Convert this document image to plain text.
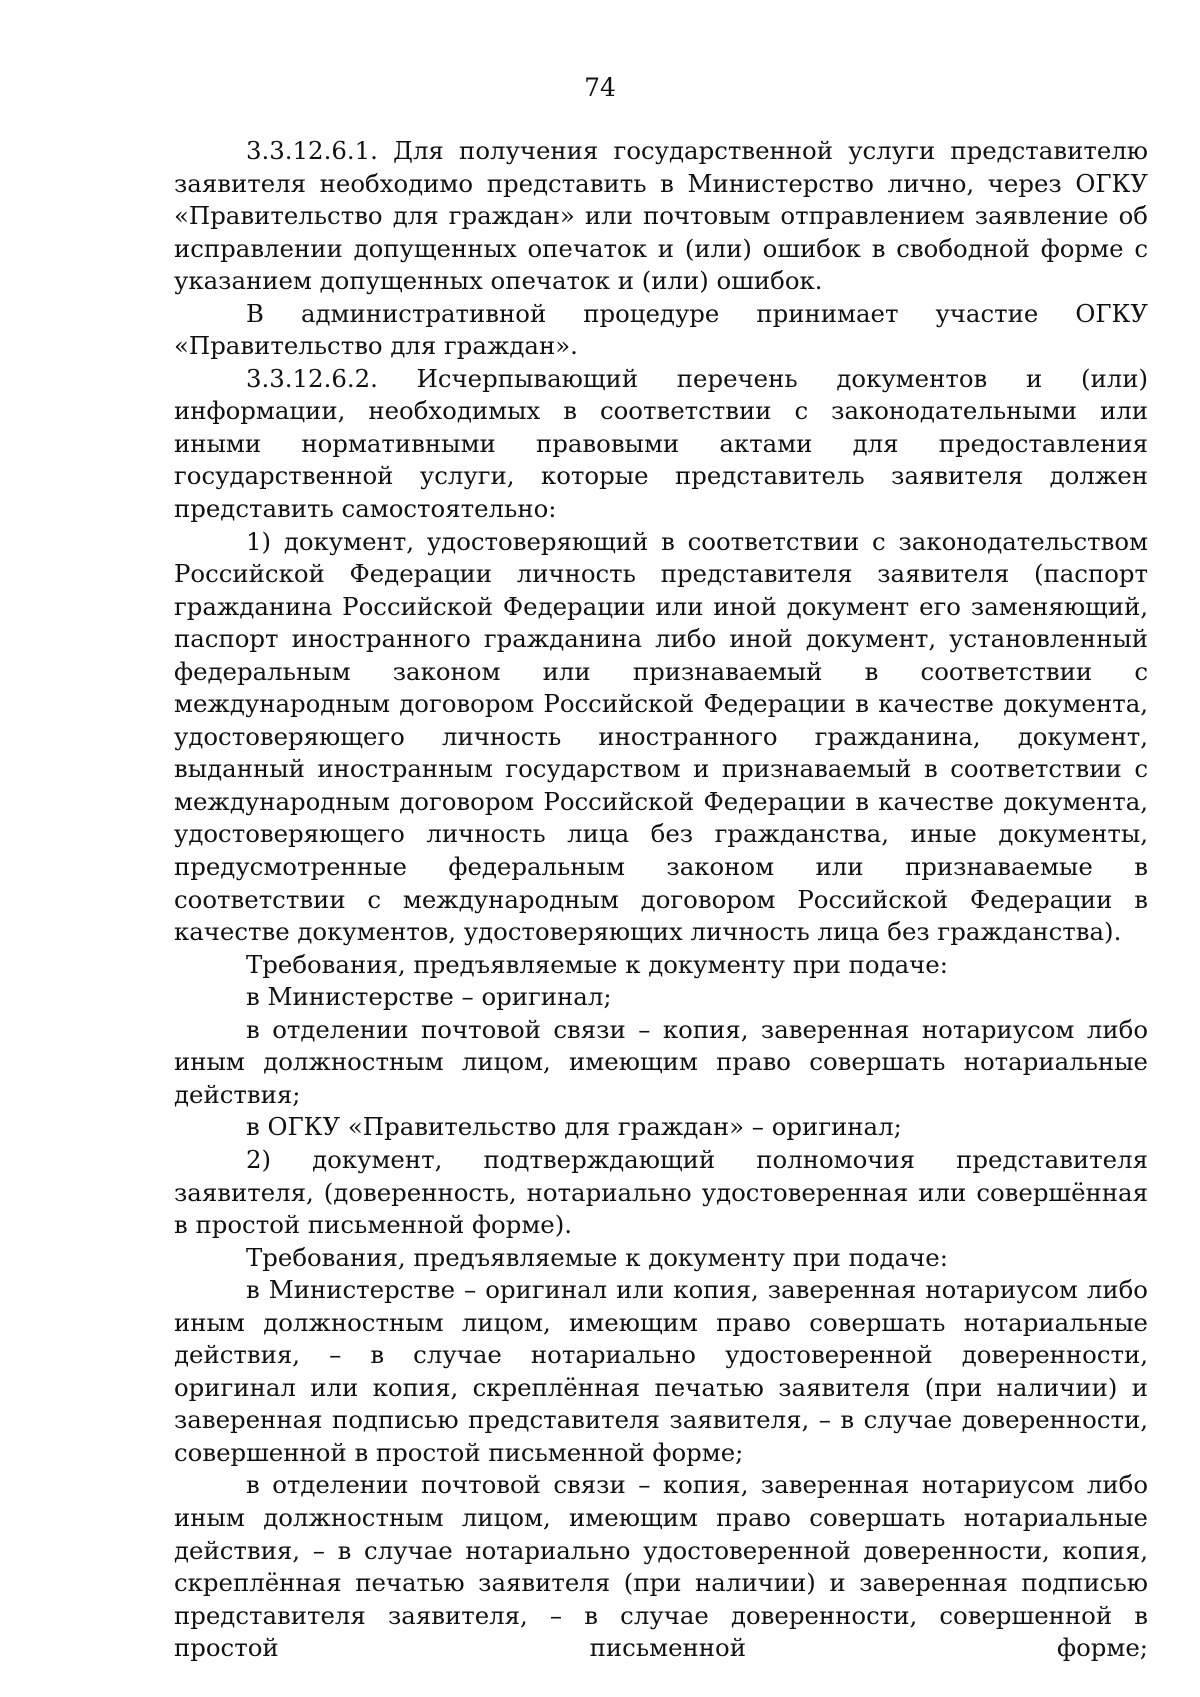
74

3.3.12.6.1. Для получения государственной услуги представителю заявителя необходимо представить в Министерство лично, через ОГКУ «Правительство для граждан» или почтовым отправлением заявление об исправлении допущенных опечаток и (или) ошибок в свободной форме с указанием допущенных опечаток и (или) ошибок.

В административной процедуре принимает участие ОГКУ «Правительство для граждан».

3.3.12.6.2. Исчерпывающий перечень документов и (или) информации, необходимых в соответствии с законодательными или иными нормативными правовыми актами для предоставления государственной услуги, которые представитель заявителя должен представить самостоятельно:

1) документ, удостоверяющий в соответствии с законодательством Российской Федерации личность представителя заявителя (паспорт гражданина Российской Федерации или иной документ его заменяющий, паспорт иностранного гражданина либо иной документ, установленный федеральным законом или признаваемый в соответствии с международным договором Российской Федерации в качестве документа, удостоверяющего личность иностранного гражданина, документ, выданный иностранным государством и признаваемый в соответствии с международным договором Российской Федерации в качестве документа, удостоверяющего личность лица без гражданства, иные документы, предусмотренные федеральным законом или признаваемые в соответствии с международным договором Российской Федерации в качестве документов, удостоверяющих личность лица без гражданства).

Требования, предъявляемые к документу при подаче:

в Министерстве – оригинал;

в отделении почтовой связи – копия, заверенная нотариусом либо иным должностным лицом, имеющим право совершать нотариальные действия;

в ОГКУ «Правительство для граждан» – оригинал;

2) документ, подтверждающий полномочия представителя заявителя, (доверенность, нотариально удостоверенная или совершённая в простой письменной форме).

Требования, предъявляемые к документу при подаче:

в Министерстве – оригинал или копия, заверенная нотариусом либо иным должностным лицом, имеющим право совершать нотариальные действия, – в случае нотариально удостоверенной доверенности, оригинал или копия, скреплённая печатью заявителя (при наличии) и заверенная подписью представителя заявителя, – в случае доверенности, совершенной в простой письменной форме;

в отделении почтовой связи – копия, заверенная нотариусом либо иным должностным лицом, имеющим право совершать нотариальные действия, – в случае нотариально удостоверенной доверенности, копия, скреплённая печатью заявителя (при наличии) и заверенная подписью представителя заявителя, – в случае доверенности, совершенной в простой письменной форме;
